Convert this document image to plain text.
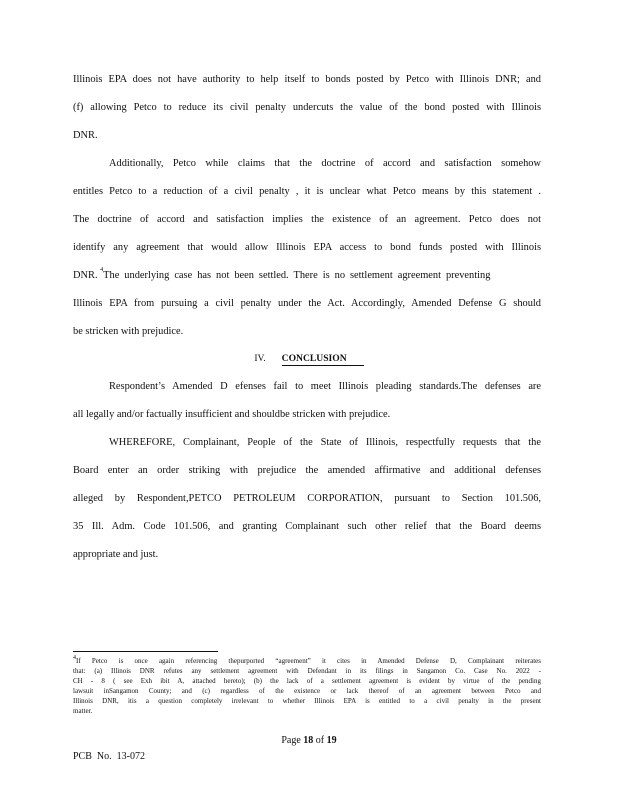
Illinois EPA does not have authority to help itself to bonds posted by Petco with Illinois DNR; and
(f) allowing Petco to reduce its civil penalty undercuts the value of the bond posted with Illinois
DNR.
Additionally, Petco while claims that the doctrine of accord and satisfaction somehow
entitles Petco to a reduction of a civil penalty , it is unclear what Petco means by this statement .
The doctrine of accord and satisfaction implies the existence of an agreement. Petco does not
identify any agreement that would allow Illinois EPA access to bond funds posted with Illinois
DNR. $^4$The underlying case has not been settled. There is no settlement agreement preventing
Illinois EPA from pursuing a civil penalty under the Act. Accordingly, Amended Defense G should
be stricken with prejudice.
IV. CONCLUSION
Respondent’s Amended D efenses fail to meet Illinois pleading standards.The defenses are
all legally and/or factually insufficient and shouldbe stricken with prejudice.
WHEREFORE, Complainant, People of the State of Illinois, respectfully requests that the
Board enter an order striking with prejudice the amended affirmative and additional defenses
alleged by Respondent,PETCO PETROLEUM CORPORATION, pursuant to Section 101.506,
35 Ill. Adm. Code 101.506, and granting Complainant such other relief that the Board deems
appropriate and just.
$^4$If Petco is once again referencing thepurported “agreement” it cites in Amended Defense D, Complainant reiterates
that: (a) Illinois DNR refutes any settlement agreement with Defendant in its filings in Sangamon Co. Case No. 2022 -
CH - 8 ( see Exh ibit A, attached hereto); (b) the lack of a settlement agreement is evident by virtue of the pending
lawsuit inSangamon County; and (c) regardless of the existence or lack thereof of an agreement between Petco and
Illinois DNR, itis a question completely irrelevant to whether Illinois EPA is entitled to a civil penalty in the present
matter.
Page 18 of 19
PCB  No.  13-072
